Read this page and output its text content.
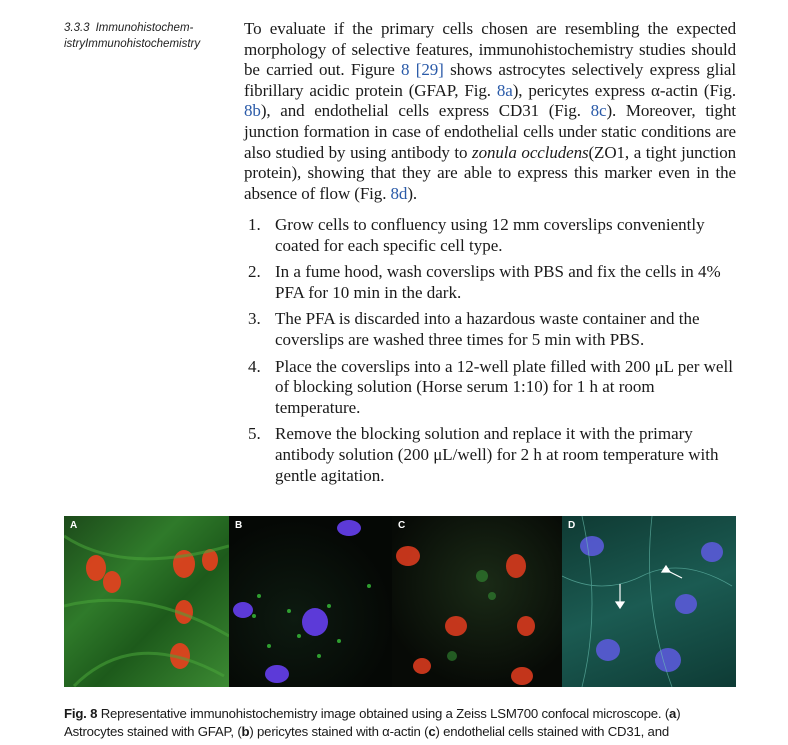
3.3.3 Immunohistochem-istryImmunohistochemistry
To evaluate if the primary cells chosen are resembling the expected morphology of selective features, immunohistochemistry studies should be carried out. Figure 8 [29] shows astrocytes selectively express glial fibrillary acidic protein (GFAP, Fig. 8a), pericytes express α-actin (Fig. 8b), and endothelial cells express CD31 (Fig. 8c). Moreover, tight junction formation in case of endothelial cells under static conditions are also studied by using antibody to zonula occludens(ZO1, a tight junction protein), showing that they are able to express this marker even in the absence of flow (Fig. 8d).
1. Grow cells to confluency using 12 mm coverslips conveniently coated for each specific cell type.
2. In a fume hood, wash coverslips with PBS and fix the cells in 4% PFA for 10 min in the dark.
3. The PFA is discarded into a hazardous waste container and the coverslips are washed three times for 5 min with PBS.
4. Place the coverslips into a 12-well plate filled with 200 μL per well of blocking solution (Horse serum 1:10) for 1 h at room temperature.
5. Remove the blocking solution and replace it with the primary antibody solution (200 μL/well) for 2 h at room temperature with gentle agitation.
A	B	C	D
Fig. 8 Representative immunohistochemistry image obtained using a Zeiss LSM700 confocal microscope. (a) Astrocytes stained with GFAP, (b) pericytes stained with α-actin (c) endothelial cells stained with CD31, and
